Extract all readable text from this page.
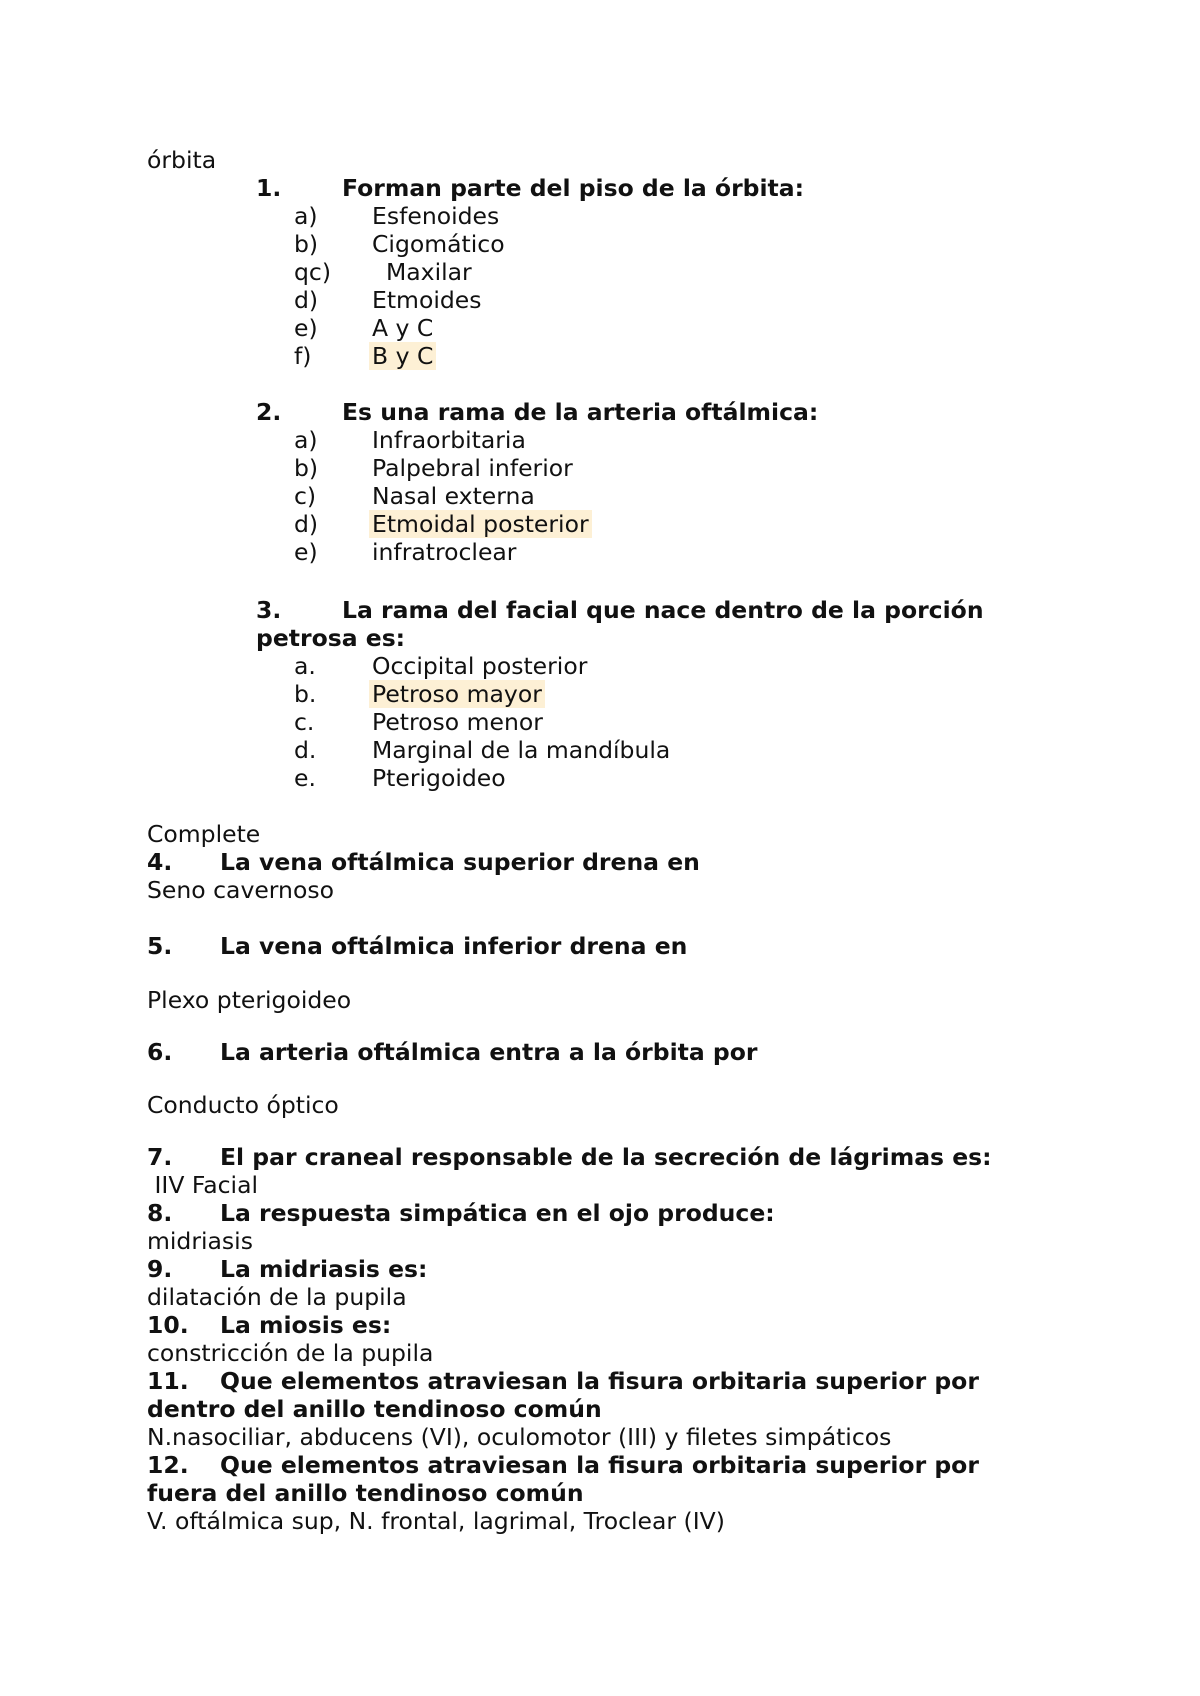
órbita
1.	Forman parte del piso de la órbita:
a) Esfenoides
b) Cigomático
qc) Maxilar
d) Etmoides
e) A y C
f)	B y C
2.	Es una rama de la arteria oftálmica:
a) Infraorbitaria
b) Palpebral inferior
c) Nasal externa
d) Etmoidal posterior
e) infratroclear
3.	La rama del facial que nace dentro de la porción
petrosa es:
a. Occipital posterior
b. Petroso mayor
c. Petroso menor
d. Marginal de la mandíbula
e. Pterigoideo
Complete
4. La vena oftálmica superior drena en
Seno cavernoso
5. La vena oftálmica inferior drena en
Plexo pterigoideo
6. La arteria oftálmica entra a la órbita por
Conducto óptico
7. El par craneal responsable de la secreción de lágrimas es:
IIV Facial
8. La respuesta simpática en el ojo produce:
midriasis
9. La midriasis es:
dilatación de la pupila
10. La miosis es:
constricción de la pupila
11. Que elementos atraviesan la fisura orbitaria superior por
dentro del anillo tendinoso común
N.nasociliar, abducens (VI), oculomotor (III) y filetes simpáticos
12. Que elementos atraviesan la fisura orbitaria superior por
fuera del anillo tendinoso común
V. oftálmica sup, N. frontal, lagrimal, Troclear (IV)
